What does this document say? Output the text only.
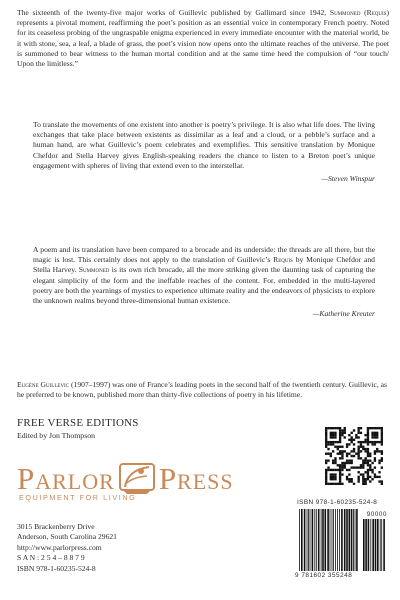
The sixteenth of the twenty-five major works of Guillevic published by Gallimard since 1942, Summoned (Requis) represents a pivotal moment, reaffirming the poet’s position as an essential voice in contemporary French poetry. Noted for its ceaseless probing of the ungraspable enigma experienced in every immediate encounter with the material world, be it with stone, sea, a leaf, a blade of grass, the poet’s vision now opens onto the ultimate reaches of the universe. The poet is summoned to bear witness to the human mortal condition and at the same time heed the compulsion of “our touch/ Upon the limitless.”
To translate the movements of one existent into another is poetry’s privilege. It is also what life does. The living exchanges that take place between existents as dissimilar as a leaf and a cloud, or a pebble’s surface and a human hand, are what Guillevic’s poem celebrates and exemplifies. This sensitive translation by Monique Chefdor and Stella Harvey gives English-speaking readers the chance to listen to a Breton poet’s unique engagement with spheres of living that extend even to the interstellar.
—Steven Winspur
A poem and its translation have been compared to a brocade and its underside: the threads are all there, but the magic is lost. This certainly does not apply to the translation of Guillevic’s Requis by Monique Chefdor and Stella Harvey. Summoned is its own rich brocade, all the more striking given the daunting task of capturing the elegant simplicity of the form and the ineffable reaches of the content. For, embedded in the multi-layered poetry are both the yearnings of mystics to experience ultimate reality and the endeavors of physicists to explore the unknown realms beyond three-dimensional human existence.
—Katherine Kreuter
Eugène Guillevic (1907–1997) was one of France’s leading poets in the second half of the twentieth century. Guillevic, as he preferred to be known, published more than thirty-five collections of poetry in his lifetime.
FREE VERSE EDITIONS
Edited by Jon Thompson
Parlor Press
EQUIPMENT FOR LIVING
3015 Brackenberry Drive
Anderson, South Carolina 29621
http://www.parlorpress.com
S A N : 2 5 4 – 8 8 7 9
ISBN 978-1-60235-524-8
ISBN 978-1-60235-524-8
90000
9 781602 355248
